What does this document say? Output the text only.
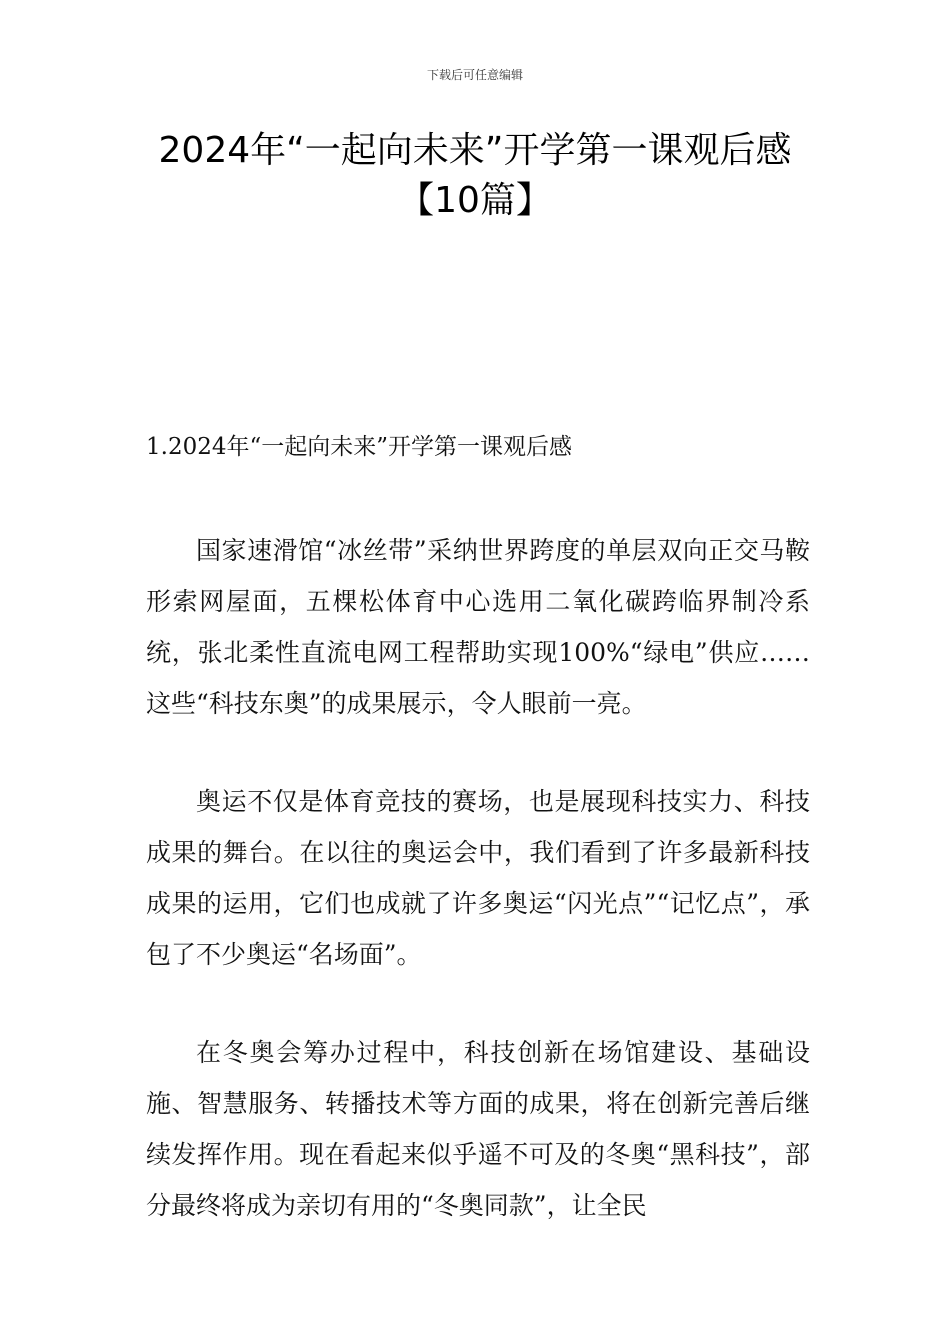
下载后可任意编辑
2024年“一起向未来”开学第一课观后感
【10篇】
1.2024年“一起向未来”开学第一课观后感

国家速滑馆“冰丝带”采纳世界跨度的单层双向正交马鞍形索网屋面，五棵松体育中心选用二氧化碳跨临界制冷系统，张北柔性直流电网工程帮助实现100%“绿电”供应……这些“科技东奥”的成果展示，令人眼前一亮。

奥运不仅是体育竞技的赛场，也是展现科技实力、科技成果的舞台。在以往的奥运会中，我们看到了许多最新科技成果的运用，它们也成就了许多奥运“闪光点”“记忆点”，承包了不少奥运“名场面”。

在冬奥会筹办过程中，科技创新在场馆建设、基础设施、智慧服务、转播技术等方面的成果，将在创新完善后继续发挥作用。现在看起来似乎遥不可及的冬奥“黑科技”，部分最终将成为亲切有用的“冬奥同款”，让全民
